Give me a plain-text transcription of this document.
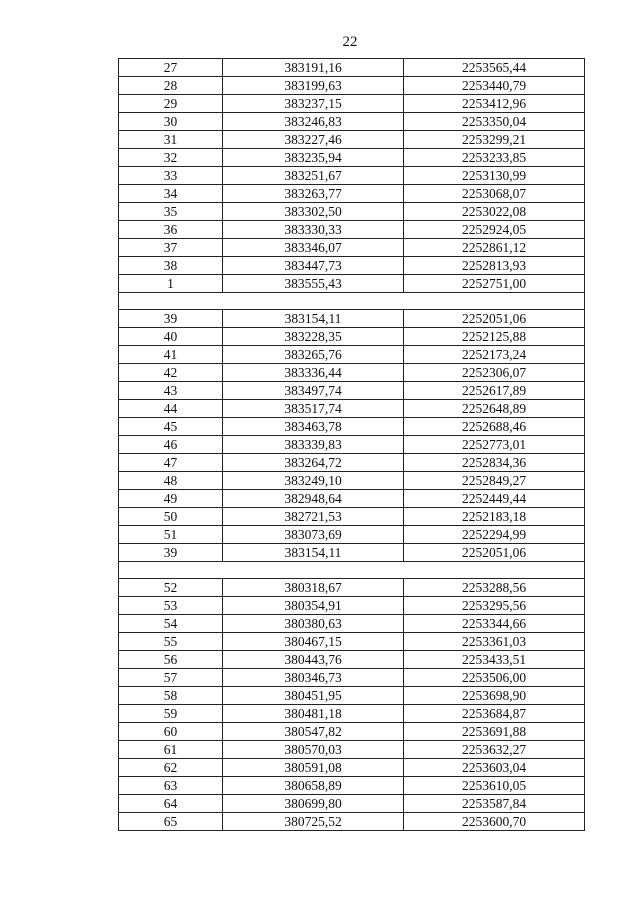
22
27	383191,16	2253565,44
28	383199,63	2253440,79
29	383237,15	2253412,96
30	383246,83	2253350,04
31	383227,46	2253299,21
32	383235,94	2253233,85
33	383251,67	2253130,99
34	383263,77	2253068,07
35	383302,50	2253022,08
36	383330,33	2252924,05
37	383346,07	2252861,12
38	383447,73	2252813,93
1	383555,43	2252751,00

39	383154,11	2252051,06
40	383228,35	2252125,88
41	383265,76	2252173,24
42	383336,44	2252306,07
43	383497,74	2252617,89
44	383517,74	2252648,89
45	383463,78	2252688,46
46	383339,83	2252773,01
47	383264,72	2252834,36
48	383249,10	2252849,27
49	382948,64	2252449,44
50	382721,53	2252183,18
51	383073,69	2252294,99
39	383154,11	2252051,06

52	380318,67	2253288,56
53	380354,91	2253295,56
54	380380,63	2253344,66
55	380467,15	2253361,03
56	380443,76	2253433,51
57	380346,73	2253506,00
58	380451,95	2253698,90
59	380481,18	2253684,87
60	380547,82	2253691,88
61	380570,03	2253632,27
62	380591,08	2253603,04
63	380658,89	2253610,05
64	380699,80	2253587,84
65	380725,52	2253600,70
